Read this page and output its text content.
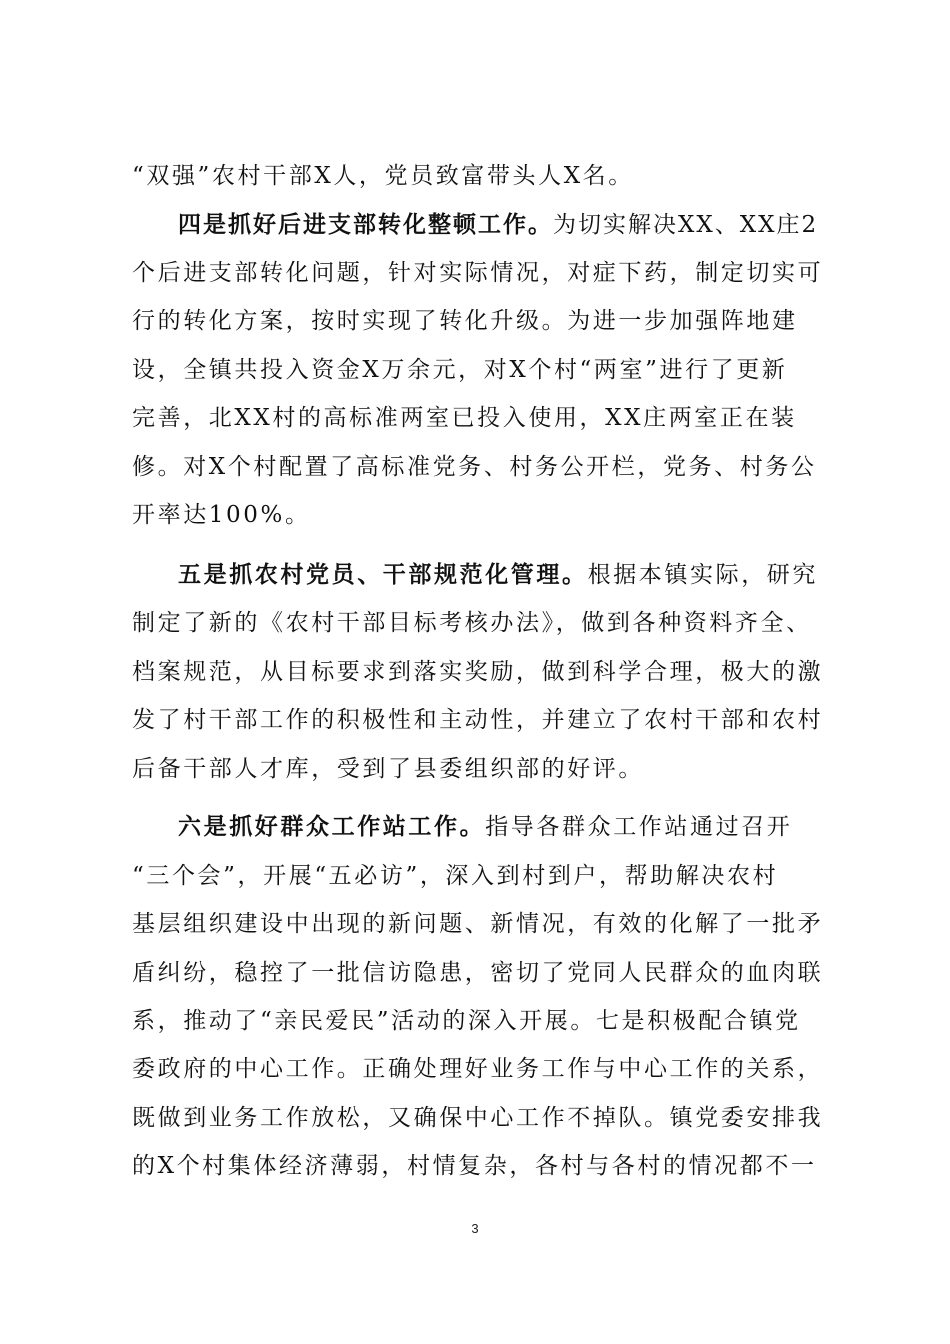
“双强”农村干部X人，党员致富带头人X名。
四是抓好后进支部转化整顿工作。为切实解决XX、XX庄2
个后进支部转化问题，针对实际情况，对症下药，制定切实可
行的转化方案，按时实现了转化升级。为进一步加强阵地建
设，全镇共投入资金X万余元，对X个村“两室”进行了更新
完善，北XX村的高标准两室已投入使用，XX庄两室正在装
修。对X个村配置了高标准党务、村务公开栏，党务、村务公
开率达100%。
五是抓农村党员、干部规范化管理。根据本镇实际，研究
制定了新的《农村干部目标考核办法》，做到各种资料齐全、
档案规范，从目标要求到落实奖励，做到科学合理，极大的激
发了村干部工作的积极性和主动性，并建立了农村干部和农村
后备干部人才库，受到了县委组织部的好评。
六是抓好群众工作站工作。指导各群众工作站通过召开
“三个会”，开展“五必访”，深入到村到户，帮助解决农村
基层组织建设中出现的新问题、新情况，有效的化解了一批矛
盾纠纷，稳控了一批信访隐患，密切了党同人民群众的血肉联
系，推动了“亲民爱民”活动的深入开展。七是积极配合镇党
委政府的中心工作。正确处理好业务工作与中心工作的关系，
既做到业务工作放松，又确保中心工作不掉队。镇党委安排我
的X个村集体经济薄弱，村情复杂，各村与各村的情况都不一
3
